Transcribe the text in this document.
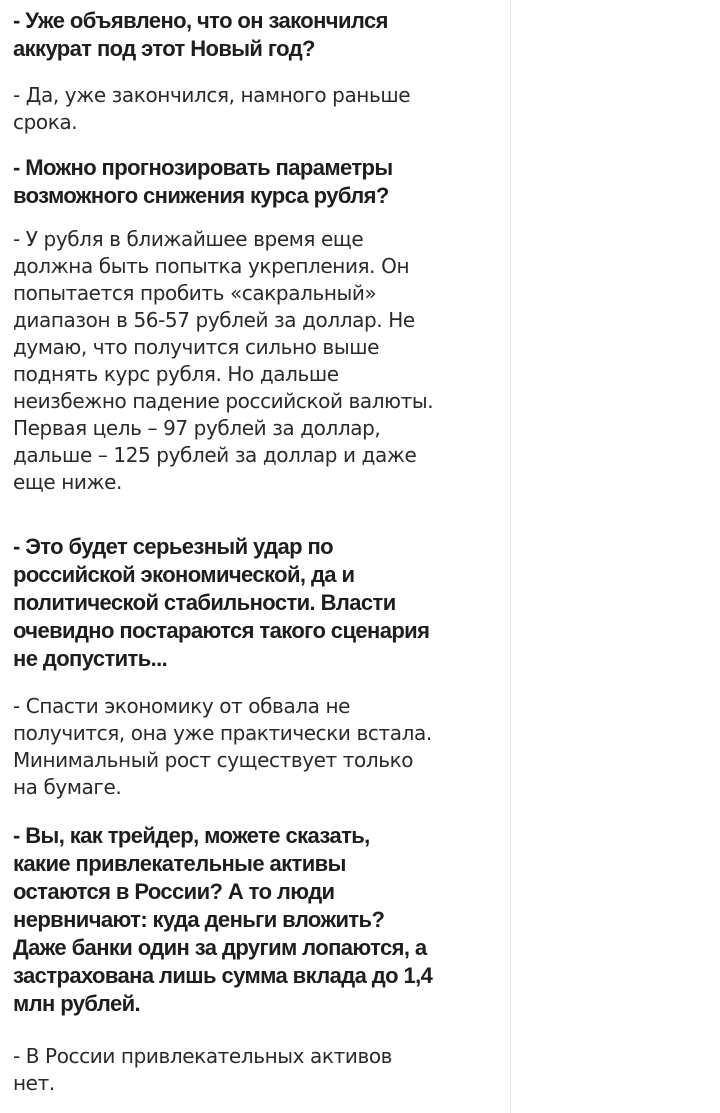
- Уже объявлено, что он закончился
аккурат под этот Новый год?

- Да, уже закончился, намного раньше
срока.

- Можно прогнозировать параметры
возможного снижения курса рубля?

- У рубля в ближайшее время еще
должна быть попытка укрепления. Он
попытается пробить «сакральный»
диапазон в 56-57 рублей за доллар. Не
думаю, что получится сильно выше
поднять курс рубля. Но дальше
неизбежно падение российской валюты.
Первая цель – 97 рублей за доллар,
дальше – 125 рублей за доллар и даже
еще ниже.

- Это будет серьезный удар по
российской экономической, да и
политической стабильности. Власти
очевидно постараются такого сценария
не допустить...

- Спасти экономику от обвала не
получится, она уже практически встала.
Минимальный рост существует только
на бумаге.

- Вы, как трейдер, можете сказать,
какие привлекательные активы
остаются в России? А то люди
нервничают: куда деньги вложить?
Даже банки один за другим лопаются, а
застрахована лишь сумма вклада до 1,4
млн рублей.

- В России привлекательных активов
нет.
